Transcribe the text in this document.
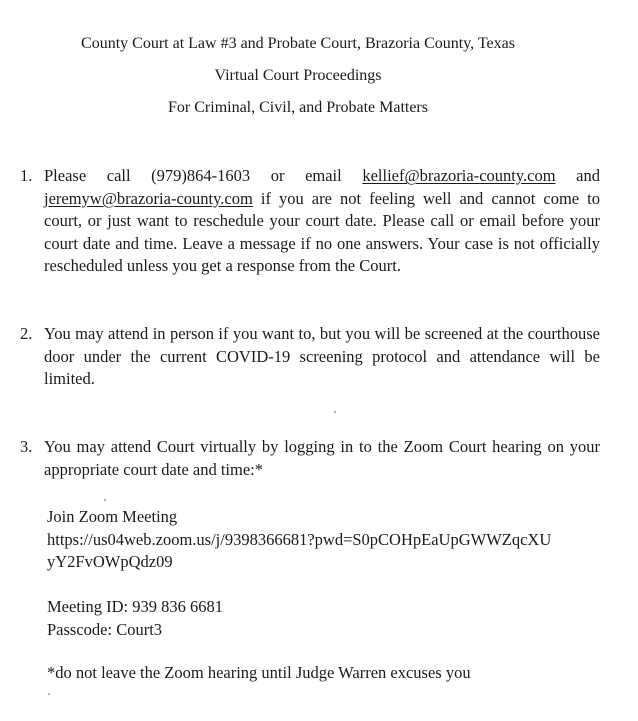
County Court at Law #3 and Probate Court, Brazoria County, Texas
Virtual Court Proceedings
For Criminal, Civil, and Probate Matters
1. Please call (979)864-1603 or email kellief@brazoria-county.com and jeremyw@brazoria-county.com if you are not feeling well and cannot come to court, or just want to reschedule your court date. Please call or email before your court date and time. Leave a message if no one answers. Your case is not officially rescheduled unless you get a response from the Court.
2. You may attend in person if you want to, but you will be screened at the courthouse door under the current COVID-19 screening protocol and attendance will be limited.
3. You may attend Court virtually by logging in to the Zoom Court hearing on your appropriate court date and time:*
Join Zoom Meeting
https://us04web.zoom.us/j/9398366681?pwd=S0pCOHpEaUpGWWZqcXU
yY2FvOWpQdz09
Meeting ID: 939 836 6681
Passcode: Court3
*do not leave the Zoom hearing until Judge Warren excuses you
